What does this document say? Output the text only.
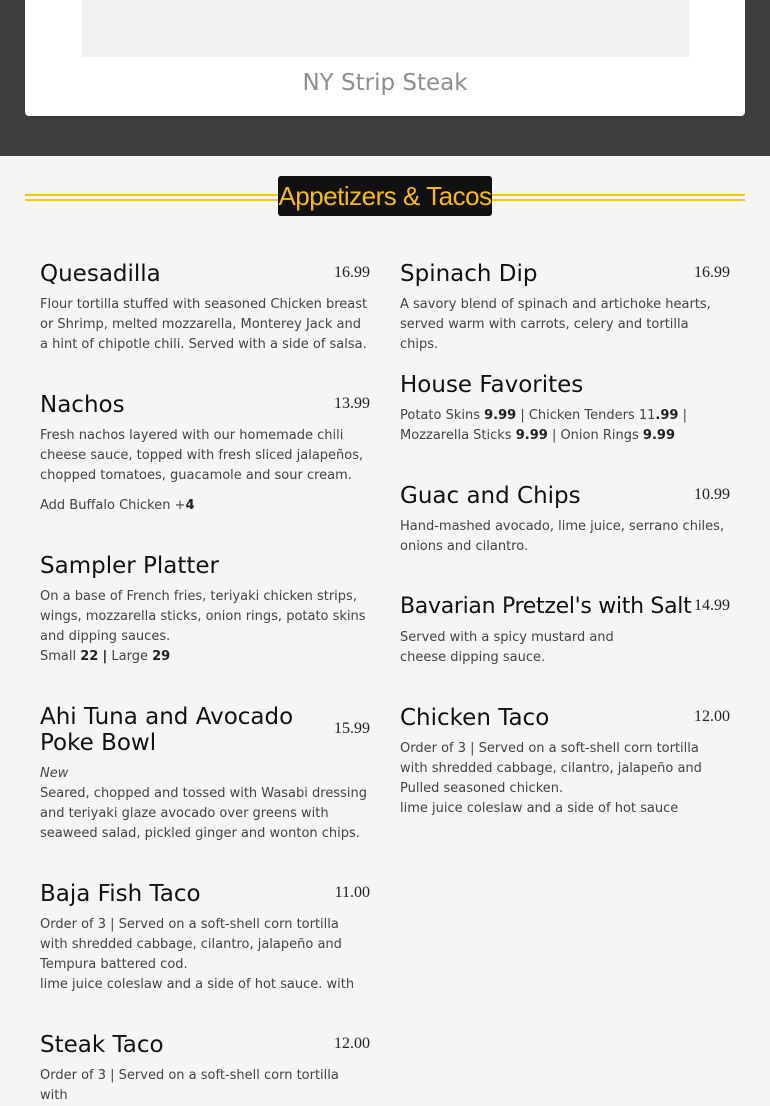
NY Strip Steak
Appetizers & Tacos
Quesadilla	16.99
Flour tortilla stuffed with seasoned Chicken breast or Shrimp, melted mozzarella, Monterey Jack and a hint of chipotle chili. Served with a side of salsa.
Nachos	13.99
Fresh nachos layered with our homemade chili cheese sauce, topped with fresh sliced jalapeños, chopped tomatoes, guacamole and sour cream.
Add Buffalo Chicken +4
Sampler Platter
On a base of French fries, teriyaki chicken strips, wings, mozzarella sticks, onion rings, potato skins and dipping sauces.
Small 22 | Large 29
Ahi Tuna and Avocado Poke Bowl
15.99
New
Seared, chopped and tossed with Wasabi dressing and teriyaki glaze avocado over greens with seaweed salad, pickled ginger and wonton chips.
Baja Fish Taco	11.00
Order of 3 | Served on a soft-shell corn tortilla with shredded cabbage, cilantro, jalapeño and Tempura battered cod.
lime juice coleslaw and a side of hot sauce. with
Steak Taco	12.00
Order of 3 | Served on a soft-shell corn tortilla with
Spinach Dip	16.99
A savory blend of spinach and artichoke hearts, served warm with carrots, celery and tortilla chips.
House Favorites
Potato Skins 9.99 | Chicken Tenders 11.99 |
Mozzarella Sticks 9.99 | Onion Rings 9.99
Guac and Chips	10.99
Hand-mashed avocado, lime juice, serrano chiles, onions and cilantro.
Bavarian Pretzel's with Salt 14.99
Served with a spicy mustard and cheese dipping sauce.
Chicken Taco	12.00
Order of 3 | Served on a soft-shell corn tortilla with shredded cabbage, cilantro, jalapeño and Pulled seasoned chicken.
lime juice coleslaw and a side of hot sauce
